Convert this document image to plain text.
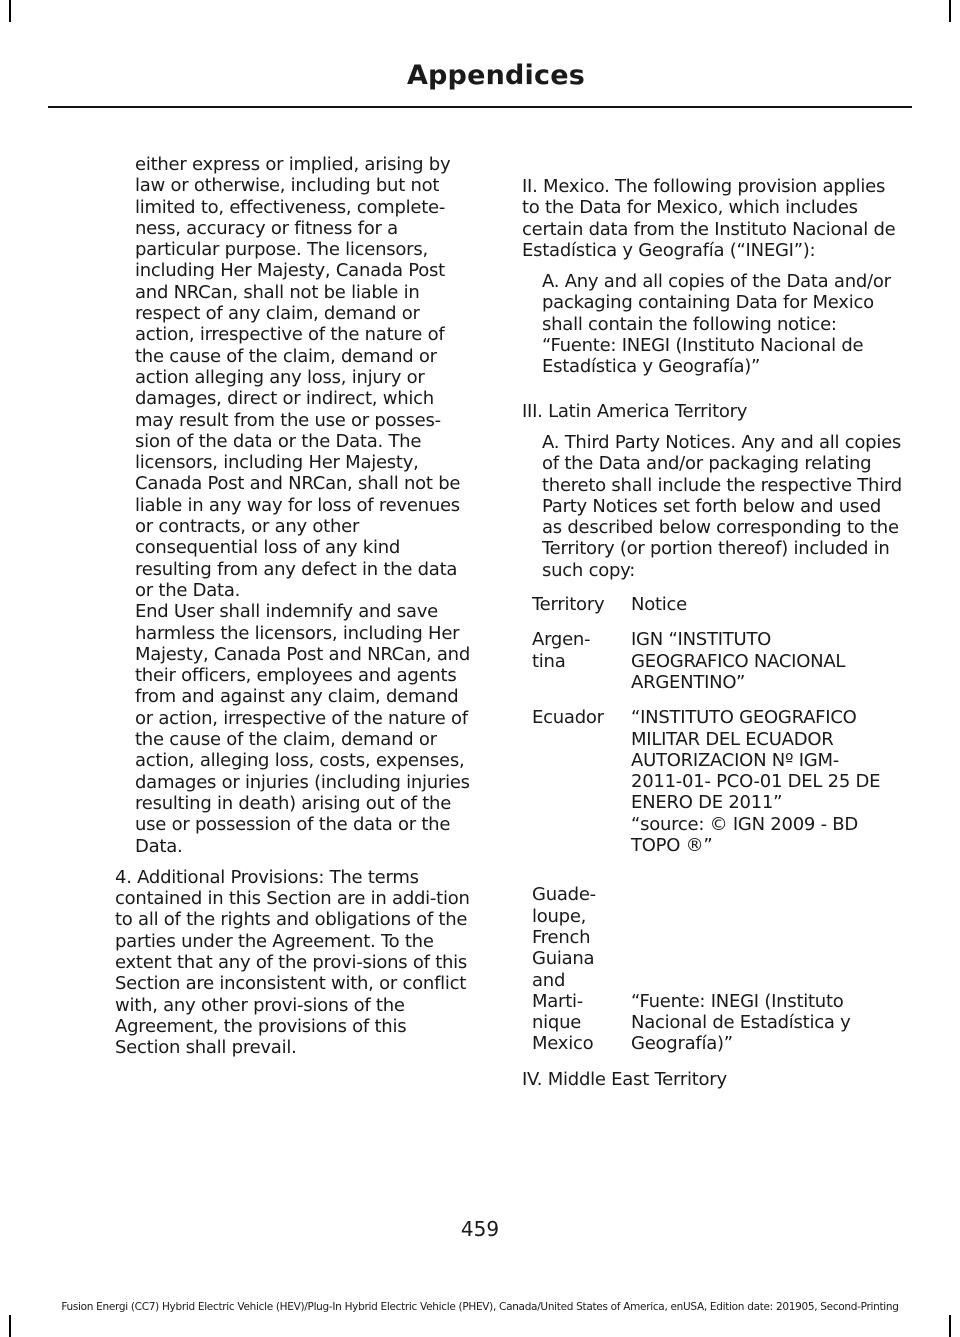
Appendices

either express or implied, arising by law or otherwise, including but not limited to, effectiveness, complete-ness, accuracy or fitness for a particular purpose. The licensors, including Her Majesty, Canada Post and NRCan, shall not be liable in respect of any claim, demand or action, irrespective of the nature of the cause of the claim, demand or action alleging any loss, injury or damages, direct or indirect, which may result from the use or posses-sion of the data or the Data. The licensors, including Her Majesty, Canada Post and NRCan, shall not be liable in any way for loss of revenues or contracts, or any other consequential loss of any kind resulting from any defect in the data or the Data.

End User shall indemnify and save harmless the licensors, including Her Majesty, Canada Post and NRCan, and their officers, employees and agents from and against any claim, demand or action, irrespective of the nature of the cause of the claim, demand or action, alleging loss, costs, expenses, damages or injuries (including injuries resulting in death) arising out of the use or possession of the data or the Data.

4. Additional Provisions: The terms contained in this Section are in addi-tion to all of the rights and obligations of the parties under the Agreement. To the extent that any of the provi-sions of this Section are inconsistent with, or conflict with, any other provi-sions of the Agreement, the provisions of this Section shall prevail.

II. Mexico. The following provision applies to the Data for Mexico, which includes certain data from the Instituto Nacional de Estadística y Geografía (“INEGI”):

A. Any and all copies of the Data and/or packaging containing Data for Mexico shall contain the following notice: “Fuente: INEGI (Instituto Nacional de Estadística y Geografía)”

III. Latin America Territory

A. Third Party Notices. Any and all copies of the Data and/or packaging relating thereto shall include the respective Third Party Notices set forth below and used as described below corresponding to the Territory (or portion thereof) included in such copy:

Territory	Notice
Argen-
tina
IGN “INSTITUTO
GEOGRAFICO NACIONAL
ARGENTINO”
Ecuador	“INSTITUTO GEOGRAFICO
MILITAR DEL ECUADOR
AUTORIZACION Nº IGM-
2011-01- PCO-01 DEL 25 DE
ENERO DE 2011”
“source: © IGN 2009 - BD
TOPO ®”
Guade-
loupe,
French
Guiana
and
Marti-
nique
Mexico

“Fuente: INEGI (Instituto
Nacional de Estadística y
Geografía)”

IV. Middle East Territory

459
Fusion Energi (CC7) Hybrid Electric Vehicle (HEV)/Plug-In Hybrid Electric Vehicle (PHEV), Canada/United States of America, enUSA, Edition date: 201905, Second-Printing
